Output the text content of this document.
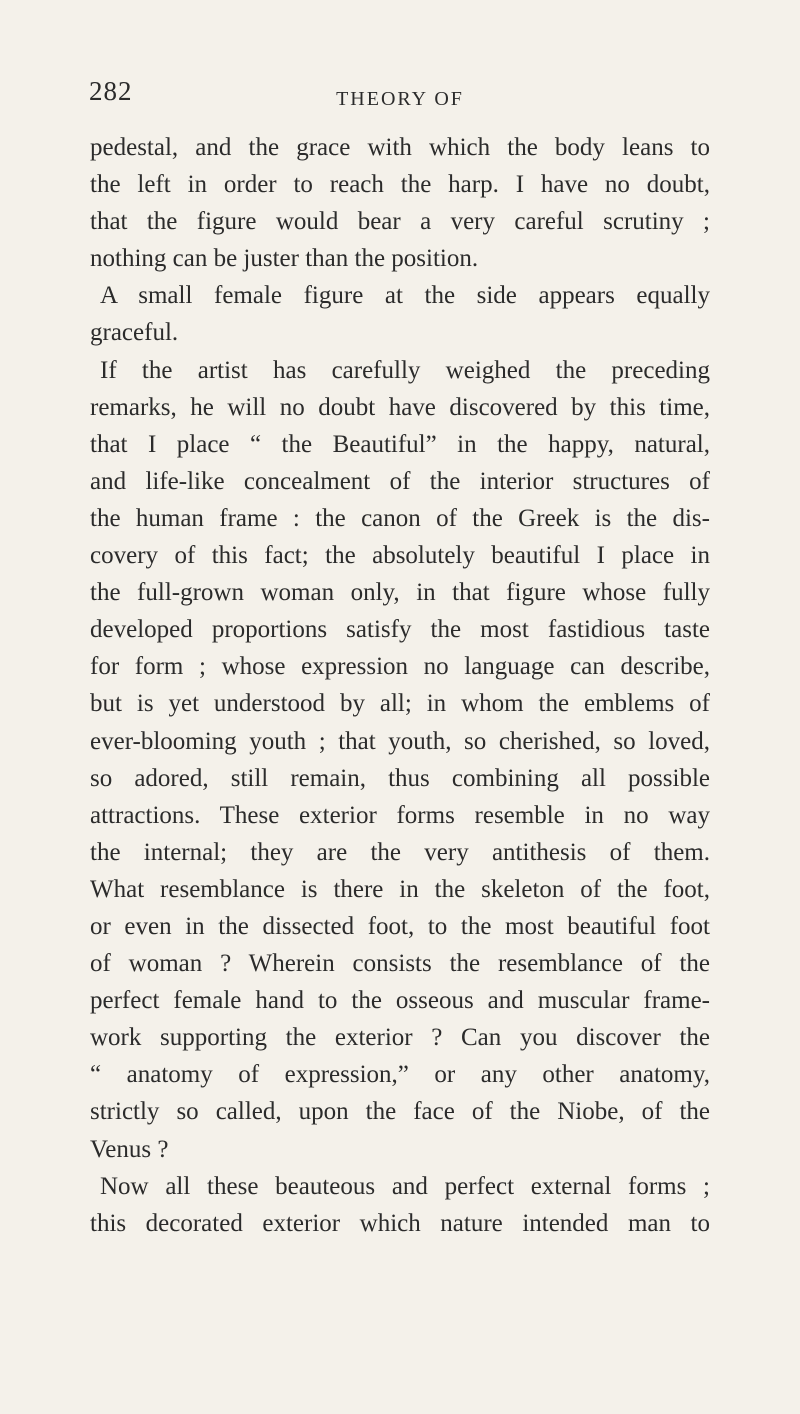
282	THEORY OF
pedestal, and the grace with which the body leans to
the left in order to reach the harp. I have no doubt,
that the figure would bear a very careful scrutiny ;
nothing can be juster than the position.
A small female figure at the side appears equally
graceful.
If the artist has carefully weighed the preceding
remarks, he will no doubt have discovered by this time,
that I place “ the Beautiful” in the happy, natural,
and life-like concealment of the interior structures of
the human frame : the canon of the Greek is the dis-
covery of this fact; the absolutely beautiful I place in
the full-grown woman only, in that figure whose fully
developed proportions satisfy the most fastidious taste
for form ; whose expression no language can describe,
but is yet understood by all; in whom the emblems of
ever-blooming youth ; that youth, so cherished, so loved,
so adored, still remain, thus combining all possible
attractions. These exterior forms resemble in no way
the internal; they are the very antithesis of them.
What resemblance is there in the skeleton of the foot,
or even in the dissected foot, to the most beautiful foot
of woman ? Wherein consists the resemblance of the
perfect female hand to the osseous and muscular frame-
work supporting the exterior ? Can you discover the
“ anatomy of expression,” or any other anatomy,
strictly so called, upon the face of the Niobe, of the
Venus ?
Now all these beauteous and perfect external forms ;
this decorated exterior which nature intended man to
